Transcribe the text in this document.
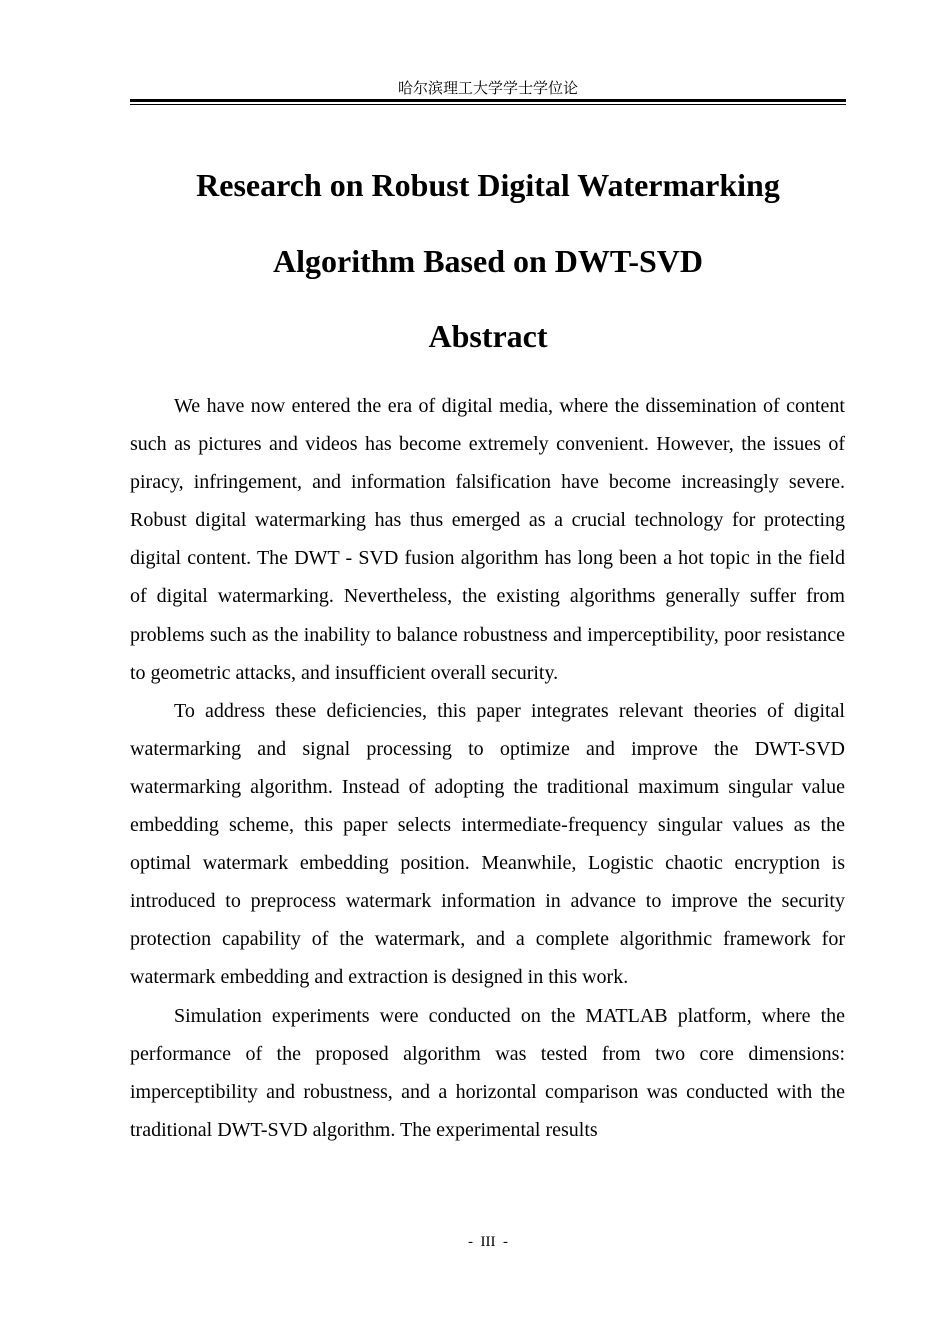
哈尔滨理工大学学士学位论
Research on Robust Digital Watermarking
Algorithm Based on DWT-SVD
Abstract

We have now entered the era of digital media, where the dissemination of content such as pictures and videos has become extremely convenient. However, the issues of piracy, infringement, and information falsification have become increasingly severe. Robust digital watermarking has thus emerged as a crucial technology for protecting digital content. The DWT - SVD fusion algorithm has long been a hot topic in the field of digital watermarking. Nevertheless, the existing algorithms generally suffer from problems such as the inability to balance robustness and imperceptibility, poor resistance to geometric attacks, and insufficient overall security.

To address these deficiencies, this paper integrates relevant theories of digital watermarking and signal processing to optimize and improve the DWT-SVD watermarking algorithm. Instead of adopting the traditional maximum singular value embedding scheme, this paper selects intermediate-frequency singular values as the optimal watermark embedding position. Meanwhile, Logistic chaotic encryption is introduced to preprocess watermark information in advance to improve the security protection capability of the watermark, and a complete algorithmic framework for watermark embedding and extraction is designed in this work.

Simulation experiments were conducted on the MATLAB platform, where the performance of the proposed algorithm was tested from two core dimensions: imperceptibility and robustness, and a horizontal comparison was conducted with the traditional DWT-SVD algorithm. The experimental results

-  III  -
